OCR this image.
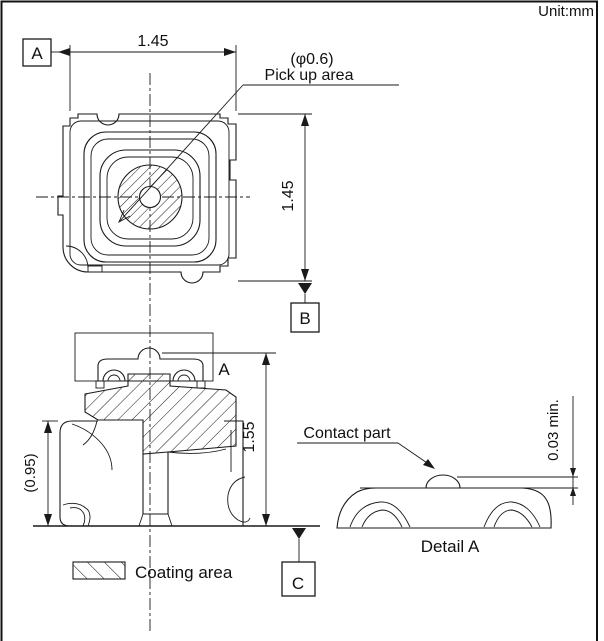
Unit:mm
(φ0.6)
Pick up area
1.45
A
1.45
B
A
(0.95)
1.55
C
Coating area
Contact part	0.03 min.
Detail A
